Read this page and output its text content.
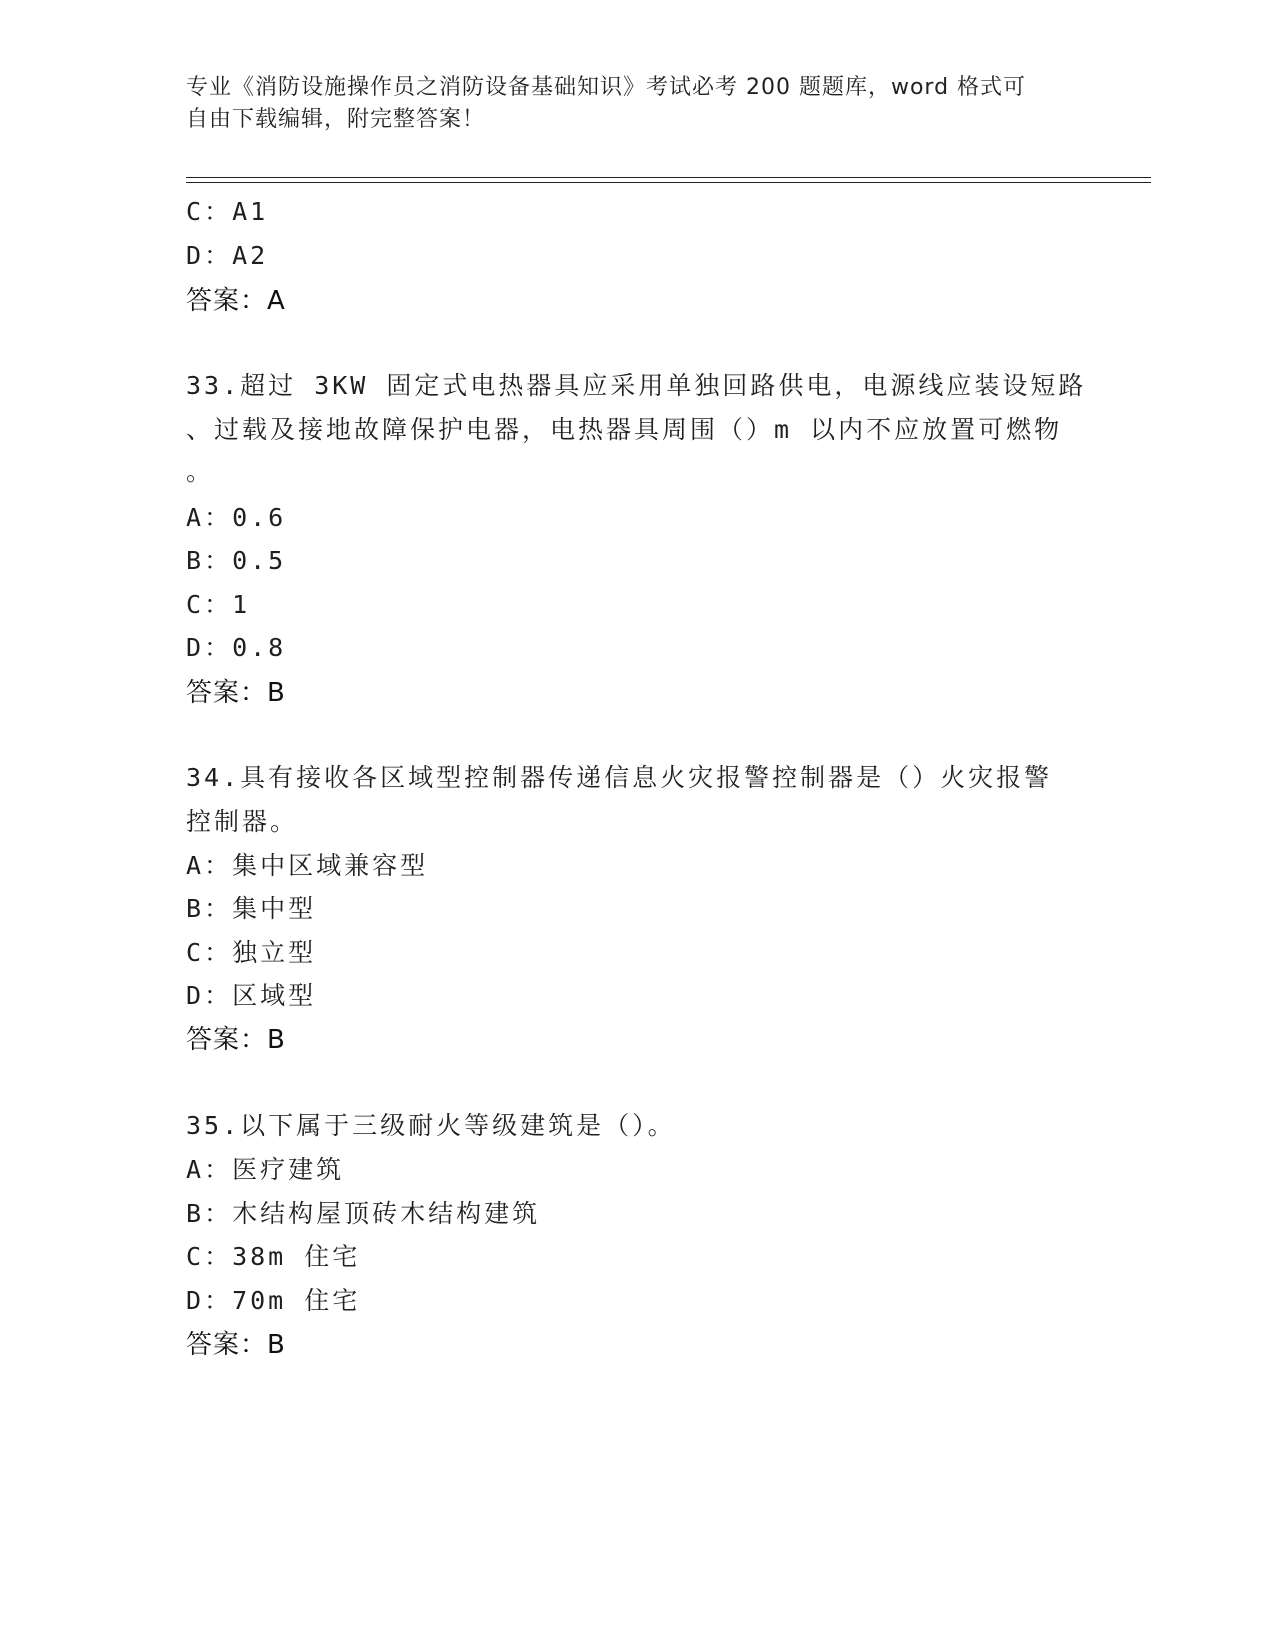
专业《消防设施操作员之消防设备基础知识》考试必考 200 题题库，word 格式可
自由下载编辑，附完整答案！
C：A1
D：A2
答案：A
33.超过 3KW 固定式电热器具应采用单独回路供电，电源线应装设短路
、过载及接地故障保护电器，电热器具周围（）m 以内不应放置可燃物
。
A：0.6
B：0.5
C：1
D：0.8
答案：B
34.具有接收各区域型控制器传递信息火灾报警控制器是（）火灾报警
控制器。
A：集中区域兼容型
B：集中型
C：独立型
D：区域型
答案：B
35.以下属于三级耐火等级建筑是（）。
A：医疗建筑
B：木结构屋顶砖木结构建筑
C：38m 住宅
D：70m 住宅
答案：B
